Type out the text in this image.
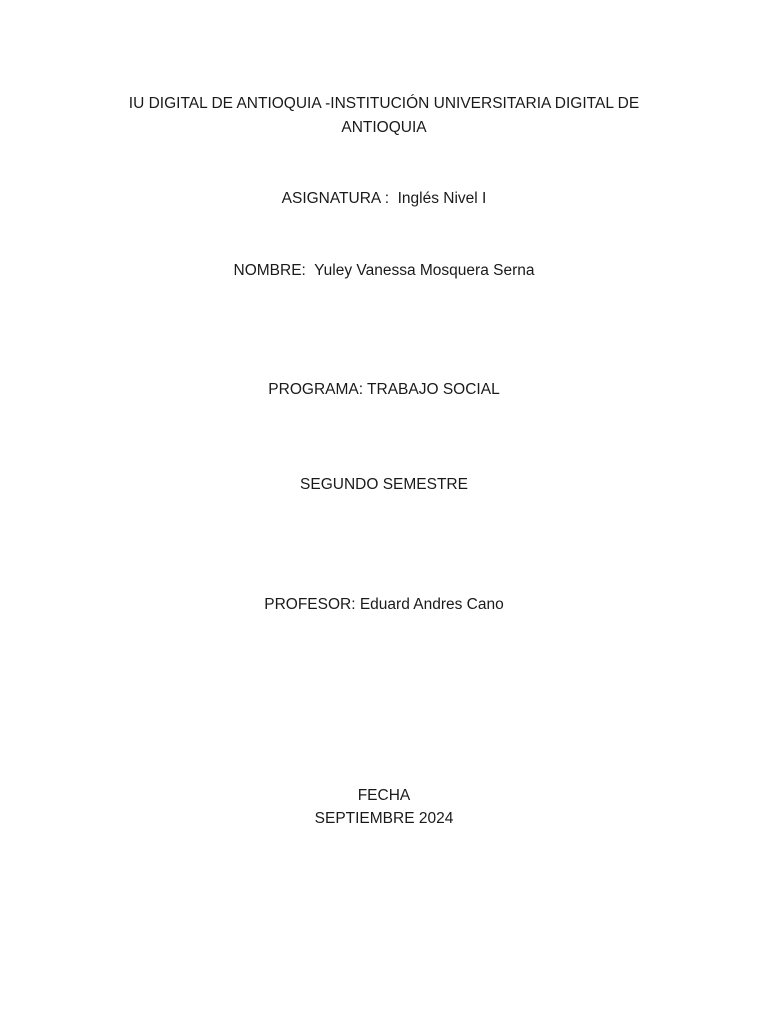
IU DIGITAL DE ANTIOQUIA -INSTITUCIÓN UNIVERSITARIA DIGITAL DE

ANTIOQUIA

ASIGNATURA :  Inglés Nivel I

NOMBRE:  Yuley Vanessa Mosquera Serna

PROGRAMA: TRABAJO SOCIAL

SEGUNDO SEMESTRE

PROFESOR: Eduard Andres Cano

FECHA

SEPTIEMBRE 2024
